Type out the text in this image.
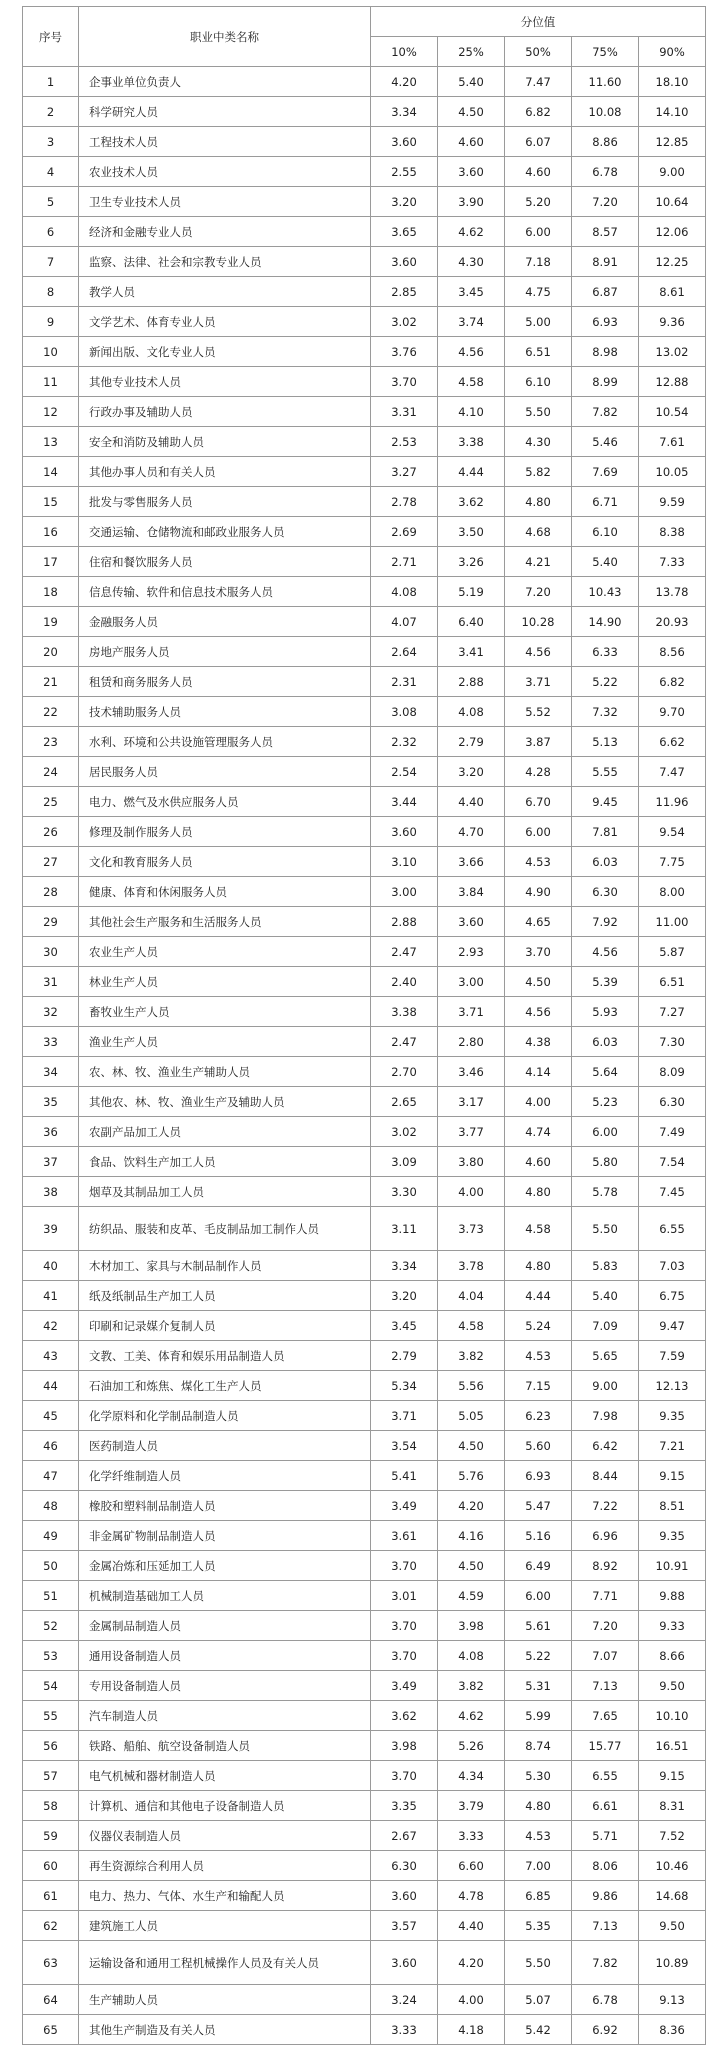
序号	职业中类名称	分位值				
		10%	25%	50%	75%	90%
1	企事业单位负责人	4.20	5.40	7.47	11.60	18.10
2	科学研究人员	3.34	4.50	6.82	10.08	14.10
3	工程技术人员	3.60	4.60	6.07	8.86	12.85
4	农业技术人员	2.55	3.60	4.60	6.78	9.00
5	卫生专业技术人员	3.20	3.90	5.20	7.20	10.64
6	经济和金融专业人员	3.65	4.62	6.00	8.57	12.06
7	监察、法律、社会和宗教专业人员	3.60	4.30	7.18	8.91	12.25
8	教学人员	2.85	3.45	4.75	6.87	8.61
9	文学艺术、体育专业人员	3.02	3.74	5.00	6.93	9.36
10	新闻出版、文化专业人员	3.76	4.56	6.51	8.98	13.02
11	其他专业技术人员	3.70	4.58	6.10	8.99	12.88
12	行政办事及辅助人员	3.31	4.10	5.50	7.82	10.54
13	安全和消防及辅助人员	2.53	3.38	4.30	5.46	7.61
14	其他办事人员和有关人员	3.27	4.44	5.82	7.69	10.05
15	批发与零售服务人员	2.78	3.62	4.80	6.71	9.59
16	交通运输、仓储物流和邮政业服务人员	2.69	3.50	4.68	6.10	8.38
17	住宿和餐饮服务人员	2.71	3.26	4.21	5.40	7.33
18	信息传输、软件和信息技术服务人员	4.08	5.19	7.20	10.43	13.78
19	金融服务人员	4.07	6.40	10.28	14.90	20.93
20	房地产服务人员	2.64	3.41	4.56	6.33	8.56
21	租赁和商务服务人员	2.31	2.88	3.71	5.22	6.82
22	技术辅助服务人员	3.08	4.08	5.52	7.32	9.70
23	水利、环境和公共设施管理服务人员	2.32	2.79	3.87	5.13	6.62
24	居民服务人员	2.54	3.20	4.28	5.55	7.47
25	电力、燃气及水供应服务人员	3.44	4.40	6.70	9.45	11.96
26	修理及制作服务人员	3.60	4.70	6.00	7.81	9.54
27	文化和教育服务人员	3.10	3.66	4.53	6.03	7.75
28	健康、体育和休闲服务人员	3.00	3.84	4.90	6.30	8.00
29	其他社会生产服务和生活服务人员	2.88	3.60	4.65	7.92	11.00
30	农业生产人员	2.47	2.93	3.70	4.56	5.87
31	林业生产人员	2.40	3.00	4.50	5.39	6.51
32	畜牧业生产人员	3.38	3.71	4.56	5.93	7.27
33	渔业生产人员	2.47	2.80	4.38	6.03	7.30
34	农、林、牧、渔业生产辅助人员	2.70	3.46	4.14	5.64	8.09
35	其他农、林、牧、渔业生产及辅助人员	2.65	3.17	4.00	5.23	6.30
36	农副产品加工人员	3.02	3.77	4.74	6.00	7.49
37	食品、饮料生产加工人员	3.09	3.80	4.60	5.80	7.54
38	烟草及其制品加工人员	3.30	4.00	4.80	5.78	7.45
39	纺织品、服装和皮革、毛皮制品加工制作人员	3.11	3.73	4.58	5.50	6.55
40	木材加工、家具与木制品制作人员	3.34	3.78	4.80	5.83	7.03
41	纸及纸制品生产加工人员	3.20	4.04	4.44	5.40	6.75
42	印刷和记录媒介复制人员	3.45	4.58	5.24	7.09	9.47
43	文教、工美、体育和娱乐用品制造人员	2.79	3.82	4.53	5.65	7.59
44	石油加工和炼焦、煤化工生产人员	5.34	5.56	7.15	9.00	12.13
45	化学原料和化学制品制造人员	3.71	5.05	6.23	7.98	9.35
46	医药制造人员	3.54	4.50	5.60	6.42	7.21
47	化学纤维制造人员	5.41	5.76	6.93	8.44	9.15
48	橡胶和塑料制品制造人员	3.49	4.20	5.47	7.22	8.51
49	非金属矿物制品制造人员	3.61	4.16	5.16	6.96	9.35
50	金属冶炼和压延加工人员	3.70	4.50	6.49	8.92	10.91
51	机械制造基础加工人员	3.01	4.59	6.00	7.71	9.88
52	金属制品制造人员	3.70	3.98	5.61	7.20	9.33
53	通用设备制造人员	3.70	4.08	5.22	7.07	8.66
54	专用设备制造人员	3.49	3.82	5.31	7.13	9.50
55	汽车制造人员	3.62	4.62	5.99	7.65	10.10
56	铁路、船舶、航空设备制造人员	3.98	5.26	8.74	15.77	16.51
57	电气机械和器材制造人员	3.70	4.34	5.30	6.55	9.15
58	计算机、通信和其他电子设备制造人员	3.35	3.79	4.80	6.61	8.31
59	仪器仪表制造人员	2.67	3.33	4.53	5.71	7.52
60	再生资源综合利用人员	6.30	6.60	7.00	8.06	10.46
61	电力、热力、气体、水生产和输配人员	3.60	4.78	6.85	9.86	14.68
62	建筑施工人员	3.57	4.40	5.35	7.13	9.50
63	运输设备和通用工程机械操作人员及有关人员	3.60	4.20	5.50	7.82	10.89
64	生产辅助人员	3.24	4.00	5.07	6.78	9.13
65	其他生产制造及有关人员	3.33	4.18	5.42	6.92	8.36
